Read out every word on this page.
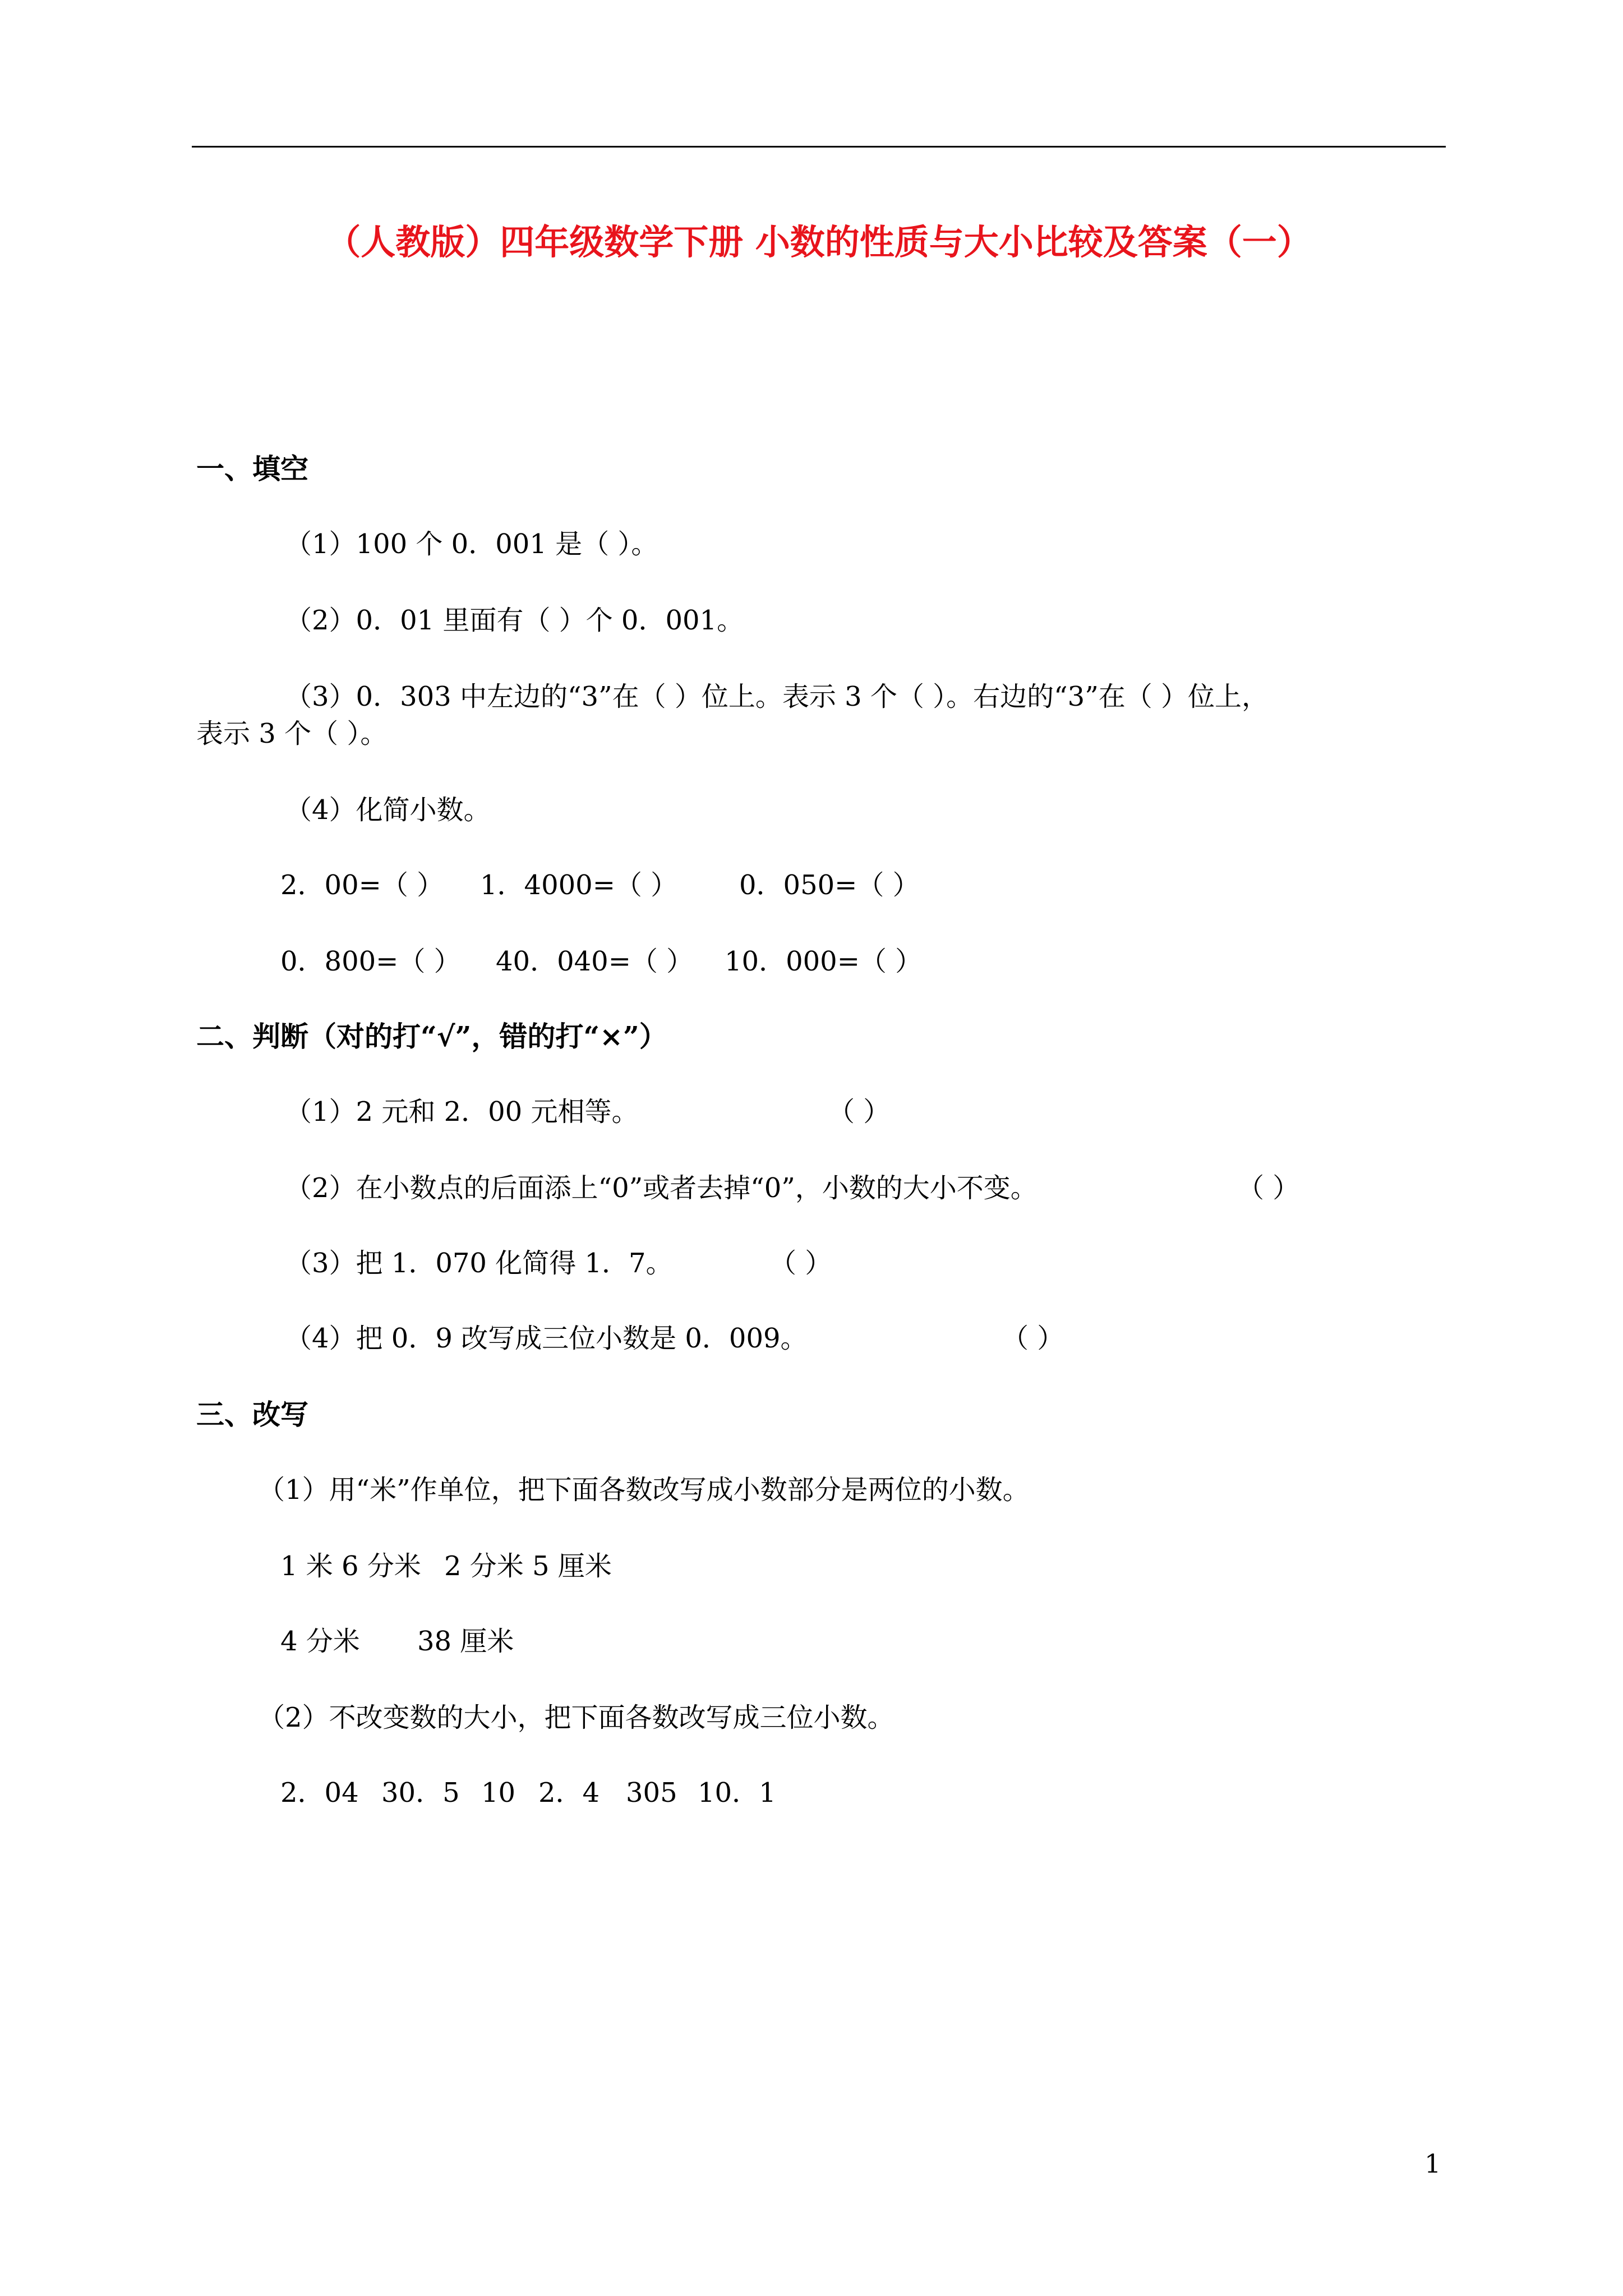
（人教版）四年级数学下册 小数的性质与大小比较及答案（一）
一、填空
（1）100 个 0．001 是（ ）。
（2）0．01 里面有（ ）个 0．001。
（3）0．303 中左边的“3”在（ ）位上。表示 3 个（ ）。右边的“3”在（ ）位上，
表示 3 个（ ）。
（4）化简小数。
2．00=（ ） 1．4000=（ ） 0．050=（ ）
0．800=（ ） 40．040=（ ） 10．000=（ ）
二、判断（对的打“√”，错的打“×”）
（1）2 元和 2．00 元相等。	（ ）
（2）在小数点的后面添上“0”或者去掉“0”，小数的大小不变。	（ ）
（3）把 1．070 化简得 1．7。	（ ）
（4）把 0．9 改写成三位小数是 0．009。	（ ）
三、改写
（1）用“米”作单位，把下面各数改写成小数部分是两位的小数。
1 米 6 分米 2 分米 5 厘米
4 分米 38 厘米
（2）不改变数的大小，把下面各数改写成三位小数。
2．04 30．5 10 2．4 305 10．1
1
